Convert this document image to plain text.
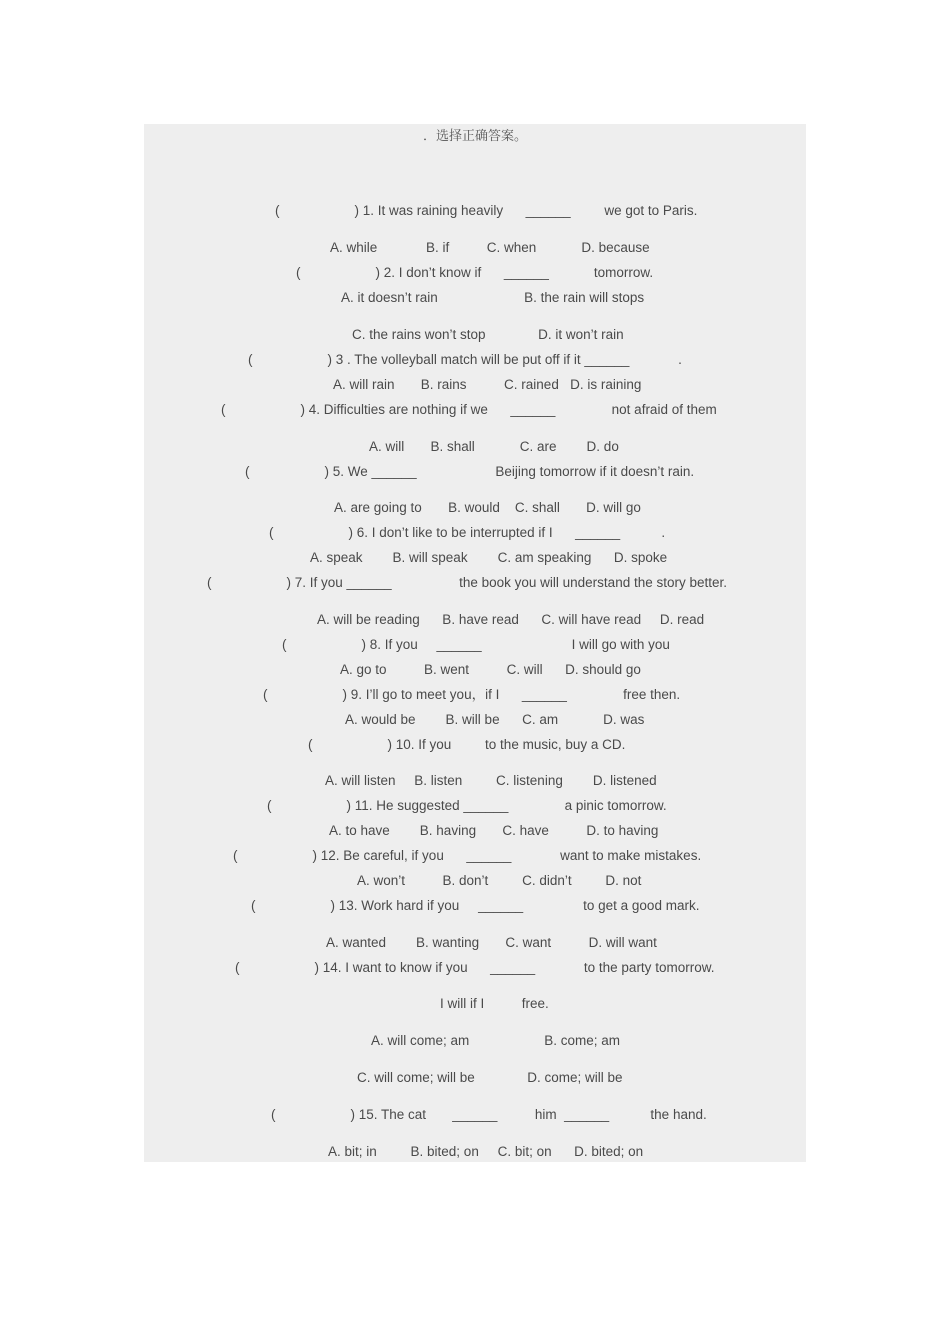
．选择正确答案。
(                    ) 1. It was raining heavily      ______         we got to Paris.
A. while             B. if          C. when            D. because
(                    ) 2. I don’t know if      ______            tomorrow.
A. it doesn’t rain                       B. the rain will stops
C. the rains won’t stop              D. it won’t rain
(                    ) 3 . The volleyball match will be put off if it ______             .
A. will rain       B. rains          C. rained   D. is raining
(                    ) 4. Difficulties are nothing if we      ______               not afraid of them
A. will       B. shall            C. are        D. do
(                    ) 5. We ______                     Beijing tomorrow if it doesn’t rain.
A. are going to       B. would    C. shall       D. will go
(                    ) 6. I don’t like to be interrupted if I      ______           .
A. speak        B. will speak        C. am speaking      D. spoke
(                    ) 7. If you ______                  the book you will understand the story better.
A. will be reading      B. have read      C. will have read     D. read
(                    ) 8. If you     ______                        I will go with you
A. go to          B. went          C. will      D. should go
(                    ) 9. I’ll go to meet you，if I      ______               free then.
A. would be        B. will be      C. am            D. was
(                    ) 10. If you         to the music, buy a CD.
A. will listen     B. listen         C. listening        D. listened
(                    ) 11. He suggested ______               a pinic tomorrow.
A. to have        B. having       C. have          D. to having
(                    ) 12. Be careful, if you      ______             want to make mistakes.
A. won’t          B. don’t         C. didn’t         D. not
(                    ) 13. Work hard if you     ______                to get a good mark.
A. wanted        B. wanting       C. want          D. will want
(                    ) 14. I want to know if you      ______             to the party tomorrow.
I will if I          free.
A. will come; am                    B. come; am
C. will come; will be              D. come; will be
(                    ) 15. The cat       ______          him  ______           the hand.
A. bit; in         B. bited; on     C. bit; on      D. bited; on
